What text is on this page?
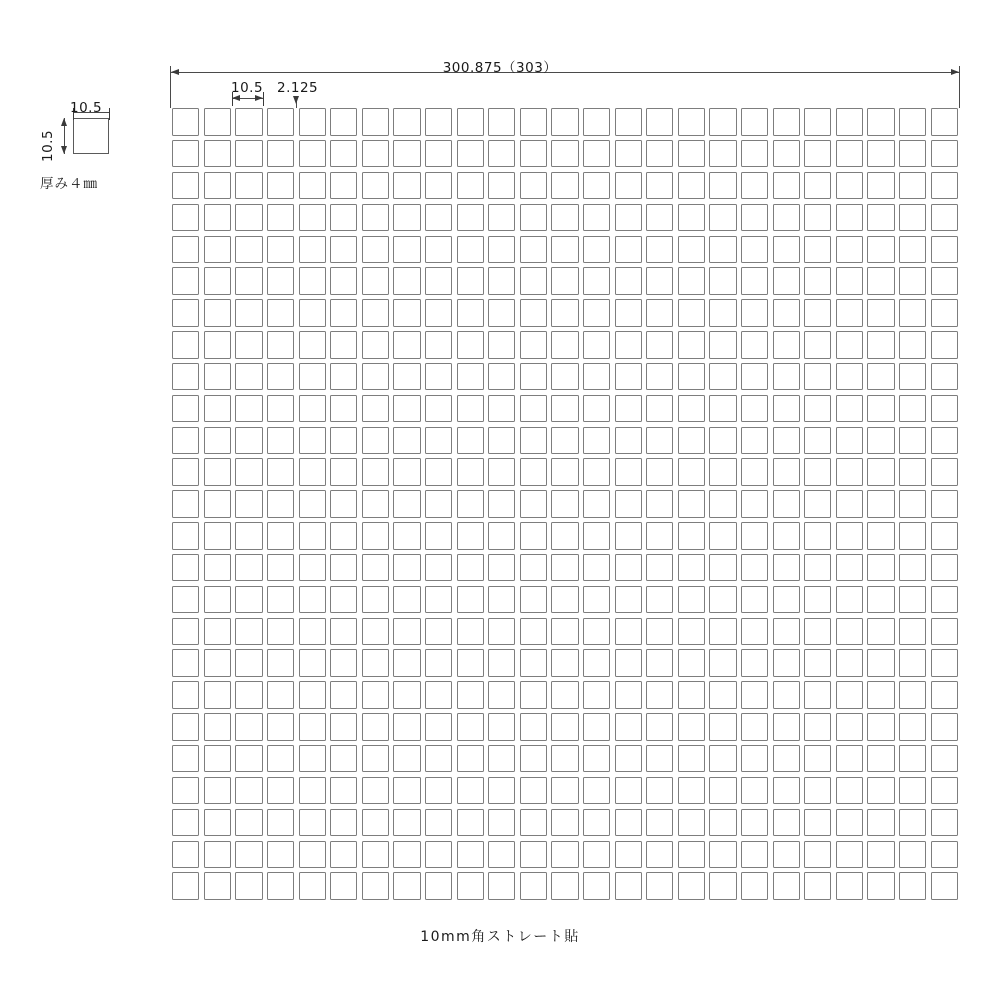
300.875（303）
10.5 2.125
10.5
10.5
厚み４㎜
10mm角ストレート貼
